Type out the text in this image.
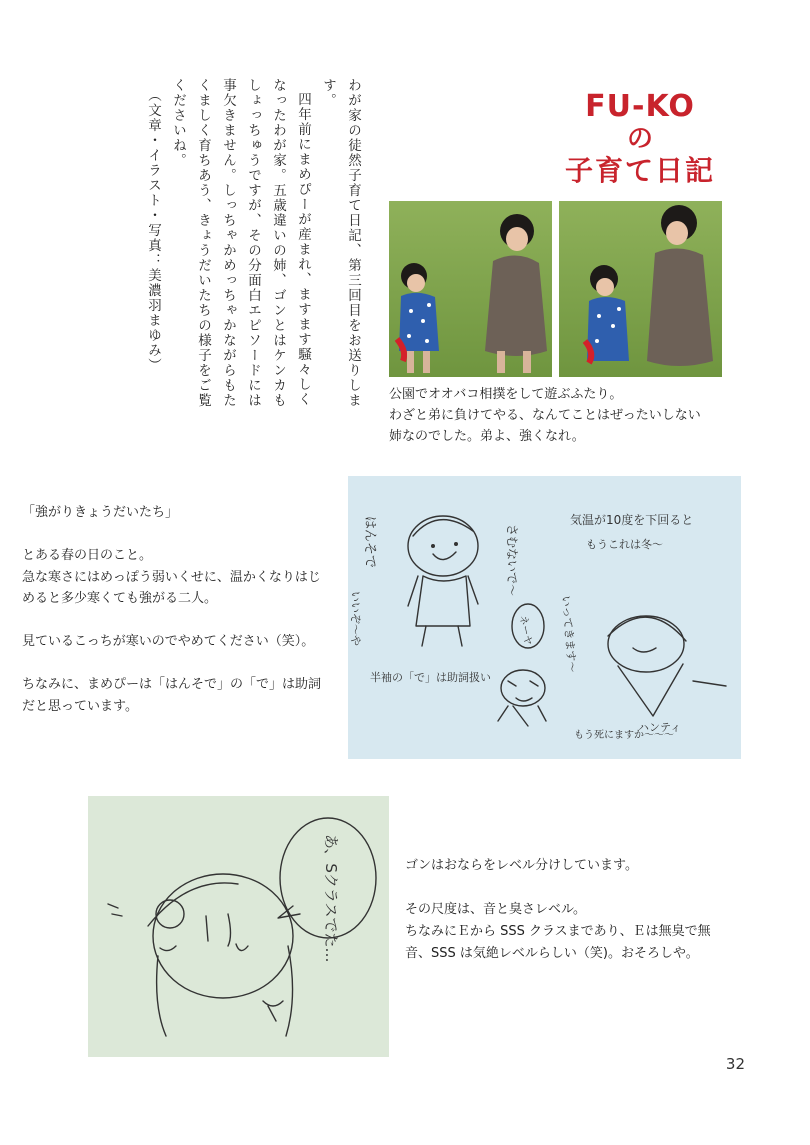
わが家の徒然子育て日記、第三回目をお送りします。

四年前にまめぴーが産まれ、ますます騒々しくなったわが家。五歳違いの姉、ゴンとはケンカもしょっちゅうですが、その分面白エピソードには事欠きません。しっちゃかめっちゃかながらもたくましく育ちあう、きょうだいたちの様子をご覧くださいね。

（文章・イラスト・写真：美濃羽まゆみ）	FU-KO
の
子育て日記
公園でオオバコ相撲をして遊ぶふたり。
わざと弟に負けてやる、なんてことはぜったいしない
姉なのでした。弟よ、強くなれ。
「強がりきょうだいたち」
とある春の日のこと。
急な寒さにはめっぽう弱いくせに、温かくなりはじ
めると多少寒くても強がる二人。
見ているこっちが寒いのでやめてください（笑）。
ちなみに、まめぴーは「はんそで」の「で」は助詞
だと思っています。
はんそで
いいぞ〜や
さむないで〜
半袖の「で」は助詞扱い
気温が10度を下回ると
もうこれは冬〜
ネーヤ
ハンティ
いってきます〜
もう死にますか〜〜〜
あ、Sクラスでた…	ゴンはおならをレベル分けしています。
その尺度は、音と臭さレベル。
ちなみにＥから SSS クラスまであり、Ｅは無臭で無
音、SSS は気絶レベルらしい（笑)。おそろしや。
32
